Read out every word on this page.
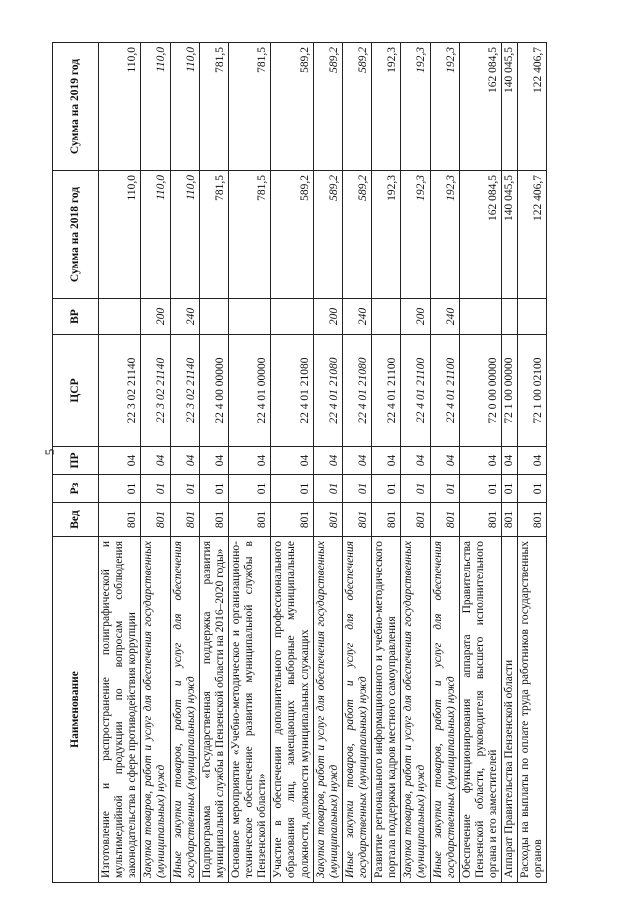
5
Наименование	Вед	Рз	ПР	ЦСР	ВР	Сумма на 2018 год	Сумма на 2019 год
Изготовление и распространение полиграфической и мультимедийной продукции по вопросам соблюдения законодательства в сфере противодействия коррупции	801	01	04	22 3 02 21140		110,0	110,0
Закупка товаров, работ и услуг для обеспечения государственных (муниципальных) нужд	801	01	04	22 3 02 21140	200	110,0	110,0
Иные закупки товаров, работ и услуг для обеспечения государственных (муниципальных) нужд	801	01	04	22 3 02 21140	240	110,0	110,0
Подпрограмма «Государственная поддержка развития муниципальной службы в Пензенской области на 2016–2020 годы»	801	01	04	22 4 00 00000		781,5	781,5
Основное мероприятие «Учебно-методическое и организационно-техническое обеспечение развития муниципальной службы в Пензенской области»	801	01	04	22 4 01 00000		781,5	781,5
Участие в обеспечении дополнительного профессионального образования лиц, замещающих выборные муниципальные должности, должности муниципальных служащих	801	01	04	22 4 01 21080		589,2	589,2
Закупка товаров, работ и услуг для обеспечения государственных (муниципальных) нужд	801	01	04	22 4 01 21080	200	589,2	589,2
Иные закупки товаров, работ и услуг для обеспечения государственных (муниципальных) нужд	801	01	04	22 4 01 21080	240	589,2	589,2
Развитие регионального информационного и учебно-методического портала поддержки кадров местного самоуправления	801	01	04	22 4 01 21100		192,3	192,3
Закупка товаров, работ и услуг для обеспечения государственных (муниципальных) нужд	801	01	04	22 4 01 21100	200	192,3	192,3
Иные закупки товаров, работ и услуг для обеспечения государственных (муниципальных) нужд	801	01	04	22 4 01 21100	240	192,3	192,3
Обеспечение функционирования аппарата Правительства Пензенской области, руководителя высшего исполнительного органа и его заместителей	801	01	04	72 0 00 00000		162 084,5	162 084,5
Аппарат Правительства Пензенской области	801	01	04	72 1 00 00000		140 045,5	140 045,5
Расходы на выплаты по оплате труда работников государственных органов	801	01	04	72 1 00 02100		122 406,7	122 406,7
